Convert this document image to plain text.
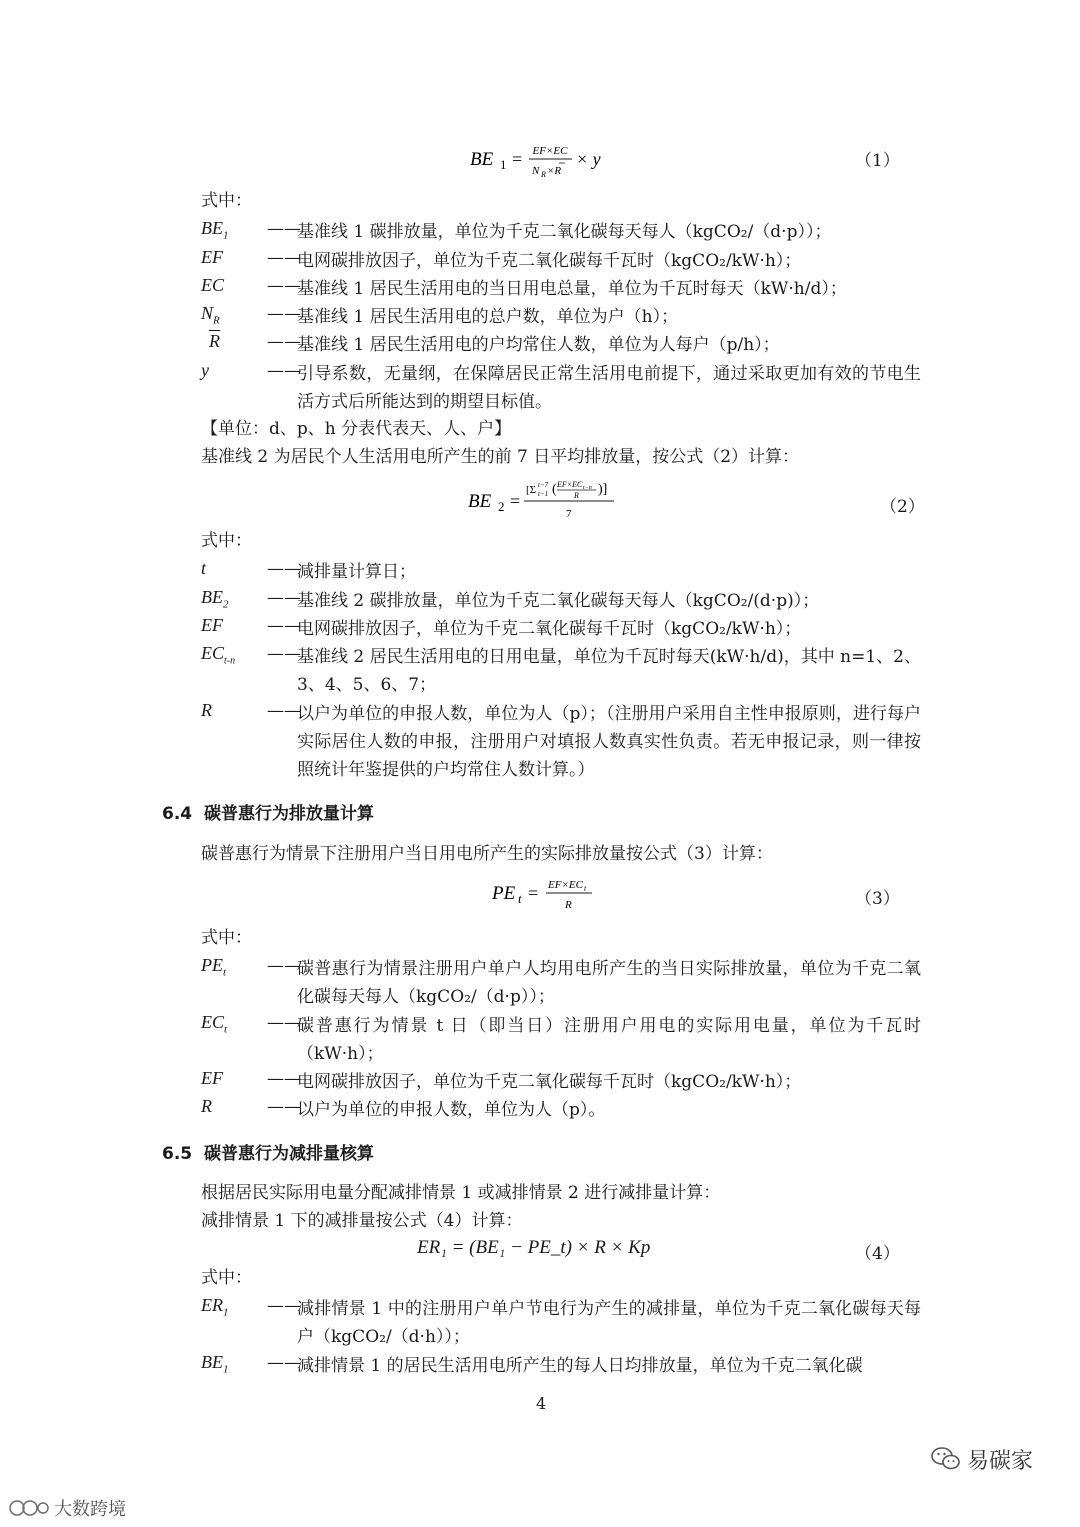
BE 1 = EF×EC
N R ×R
× y	（1）
式中：
$BE_1$	——
基准线 1 碳排放量，单位为千克二氧化碳每天每人（kgCO₂/（d·p））；
EF	——
电网碳排放因子，单位为千克二氧化碳每千瓦时（kgCO₂/kW·h）；
EC	——
基准线 1 居民生活用电的当日用电总量，单位为千瓦时每天（kW·h/d）；
$N_R$	——
基准线 1 居民生活用电的总户数，单位为户（h）；
$\overline{R}$	——
基准线 1 居民生活用电的户均常住人数，单位为人每户（p/h）；
y	——
引导系数，无量纲，在保障居民正常生活用电前提下，通过采取更加有效的节电生活方式后所能达到的期望目标值。
【单位：d、p、h 分表代表天、人、户】
基准线 2 为居民个人生活用电所产生的前 7 日平均排放量，按公式（2）计算：
BE 2 =
[Σ t−7
t−1 ( EF×EC t−n
R )]
7	（2）
式中：
t	——
减排量计算日；
$BE_2$	——
基准线 2 碳排放量，单位为千克二氧化碳每天每人（kgCO₂/(d·p)）；
EF	——
电网碳排放因子，单位为千克二氧化碳每千瓦时（kgCO₂/kW·h）；
$EC_{t-n}$	——
基准线 2 居民生活用电的日用电量，单位为千瓦时每天(kW·h/d)，其中 n=1、2、3、4、5、6、7；
R	——
以户为单位的申报人数，单位为人（p）；（注册用户采用自主性申报原则，进行每户实际居住人数的申报，注册用户对填报人数真实性负责。若无申报记录，则一律按照统计年鉴提供的户均常住人数计算。）
6.4 碳普惠行为排放量计算
碳普惠行为情景下注册用户当日用电所产生的实际排放量按公式（3）计算：
PE t = EF×EC t
R	（3）
式中：
$PE_t$	——
碳普惠行为情景注册用户单户人均用电所产生的当日实际排放量，单位为千克二氧化碳每天每人（kgCO₂/（d·p））；
$EC_t$	——
碳普惠行为情景 t 日（即当日）注册用户用电的实际用电量，单位为千瓦时（kW·h）；
EF	——
电网碳排放因子，单位为千克二氧化碳每千瓦时（kgCO₂/kW·h）；
R	——
以户为单位的申报人数，单位为人（p）。
6.5 碳普惠行为减排量核算
根据居民实际用电量分配减排情景 1 或减排情景 2 进行减排量计算：
减排情景 1 下的减排量按公式（4）计算：
ER₁ = (BE₁ − PE_t) × R × Kp	（4）
式中：
$ER_1$	——
减排情景 1 中的注册用户单户节电行为产生的减排量，单位为千克二氧化碳每天每户（kgCO₂/（d·h））；
$BE_1$	——
减排情景 1 的居民生活用电所产生的每人日均排放量，单位为千克二氧化碳
4
易碳家
大数跨境
